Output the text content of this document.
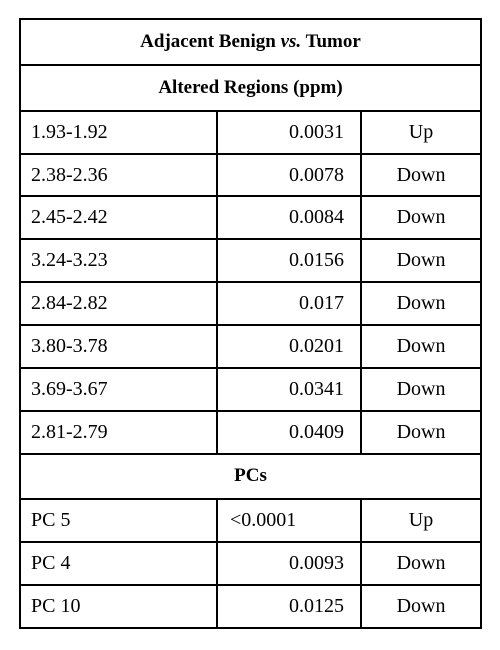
Adjacent Benign vs. Tumor		
Altered Regions (ppm)		
1.93-1.92	0.0031	Up
2.38-2.36	0.0078	Down
2.45-2.42	0.0084	Down
3.24-3.23	0.0156	Down
2.84-2.82	0.017	Down
3.80-3.78	0.0201	Down
3.69-3.67	0.0341	Down
2.81-2.79	0.0409	Down
PCs		
PC 5	<0.0001	Up
PC 4	0.0093	Down
PC 10	0.0125	Down
